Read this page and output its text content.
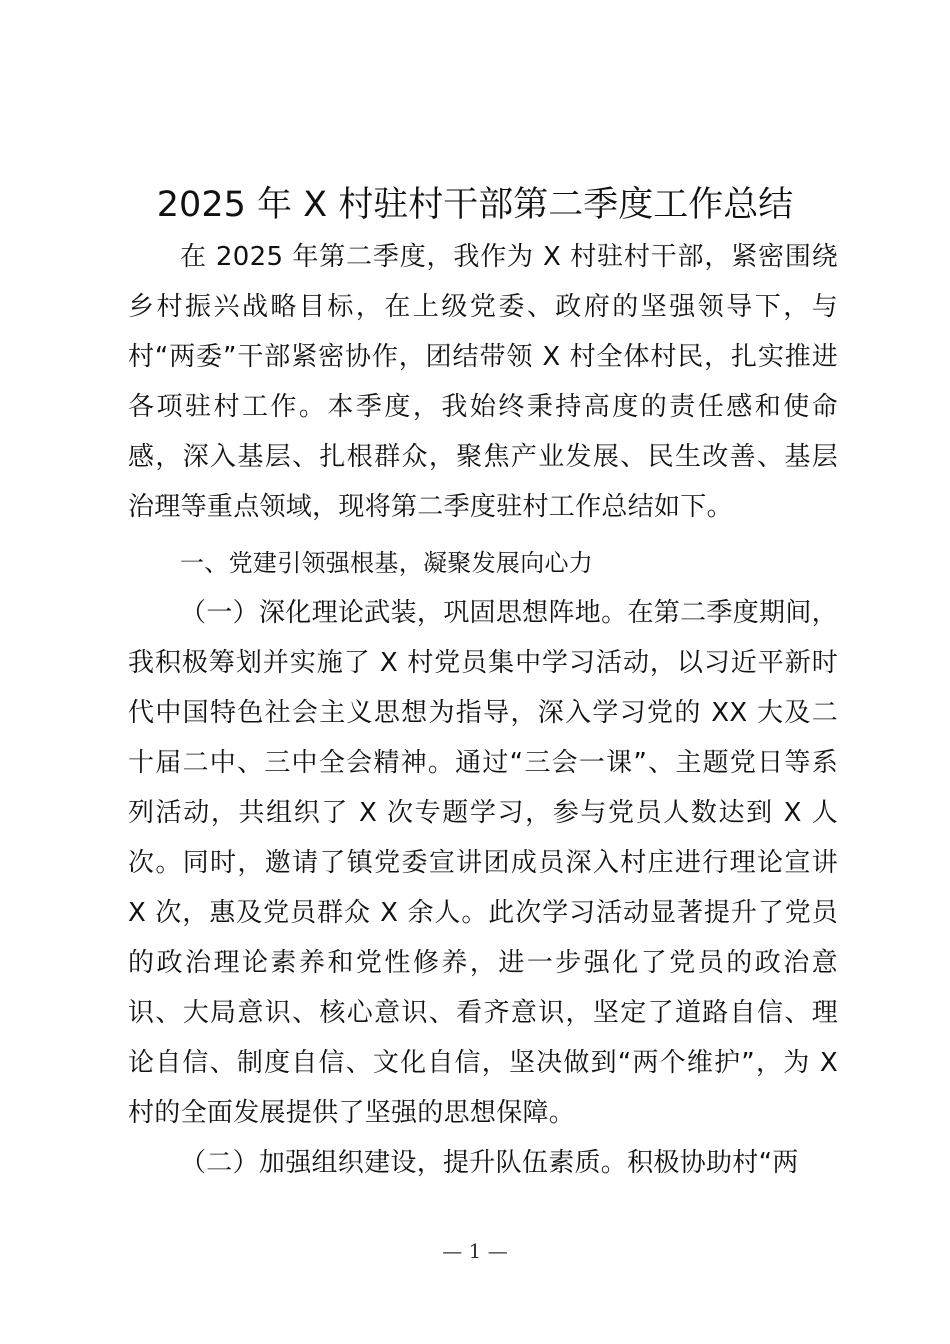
2025 年 X 村驻村干部第二季度工作总结

在 2025 年第二季度，我作为 X 村驻村干部，紧密围绕乡村振兴战略目标，在上级党委、政府的坚强领导下，与村“两委”干部紧密协作，团结带领 X 村全体村民，扎实推进各项驻村工作。本季度，我始终秉持高度的责任感和使命感，深入基层、扎根群众，聚焦产业发展、民生改善、基层治理等重点领域，现将第二季度驻村工作总结如下。

一、党建引领强根基，凝聚发展向心力

（一）深化理论武装，巩固思想阵地。在第二季度期间，我积极筹划并实施了 X 村党员集中学习活动，以习近平新时代中国特色社会主义思想为指导，深入学习党的 XX 大及二十届二中、三中全会精神。通过“三会一课”、主题党日等系列活动，共组织了 X 次专题学习，参与党员人数达到 X 人次。同时，邀请了镇党委宣讲团成员深入村庄进行理论宣讲 X 次，惠及党员群众 X 余人。此次学习活动显著提升了党员的政治理论素养和党性修养，进一步强化了党员的政治意识、大局意识、核心意识、看齐意识，坚定了道路自信、理论自信、制度自信、文化自信，坚决做到“两个维护”，为 X 村的全面发展提供了坚强的思想保障。

（二）加强组织建设，提升队伍素质。积极协助村“两

— 1 —
